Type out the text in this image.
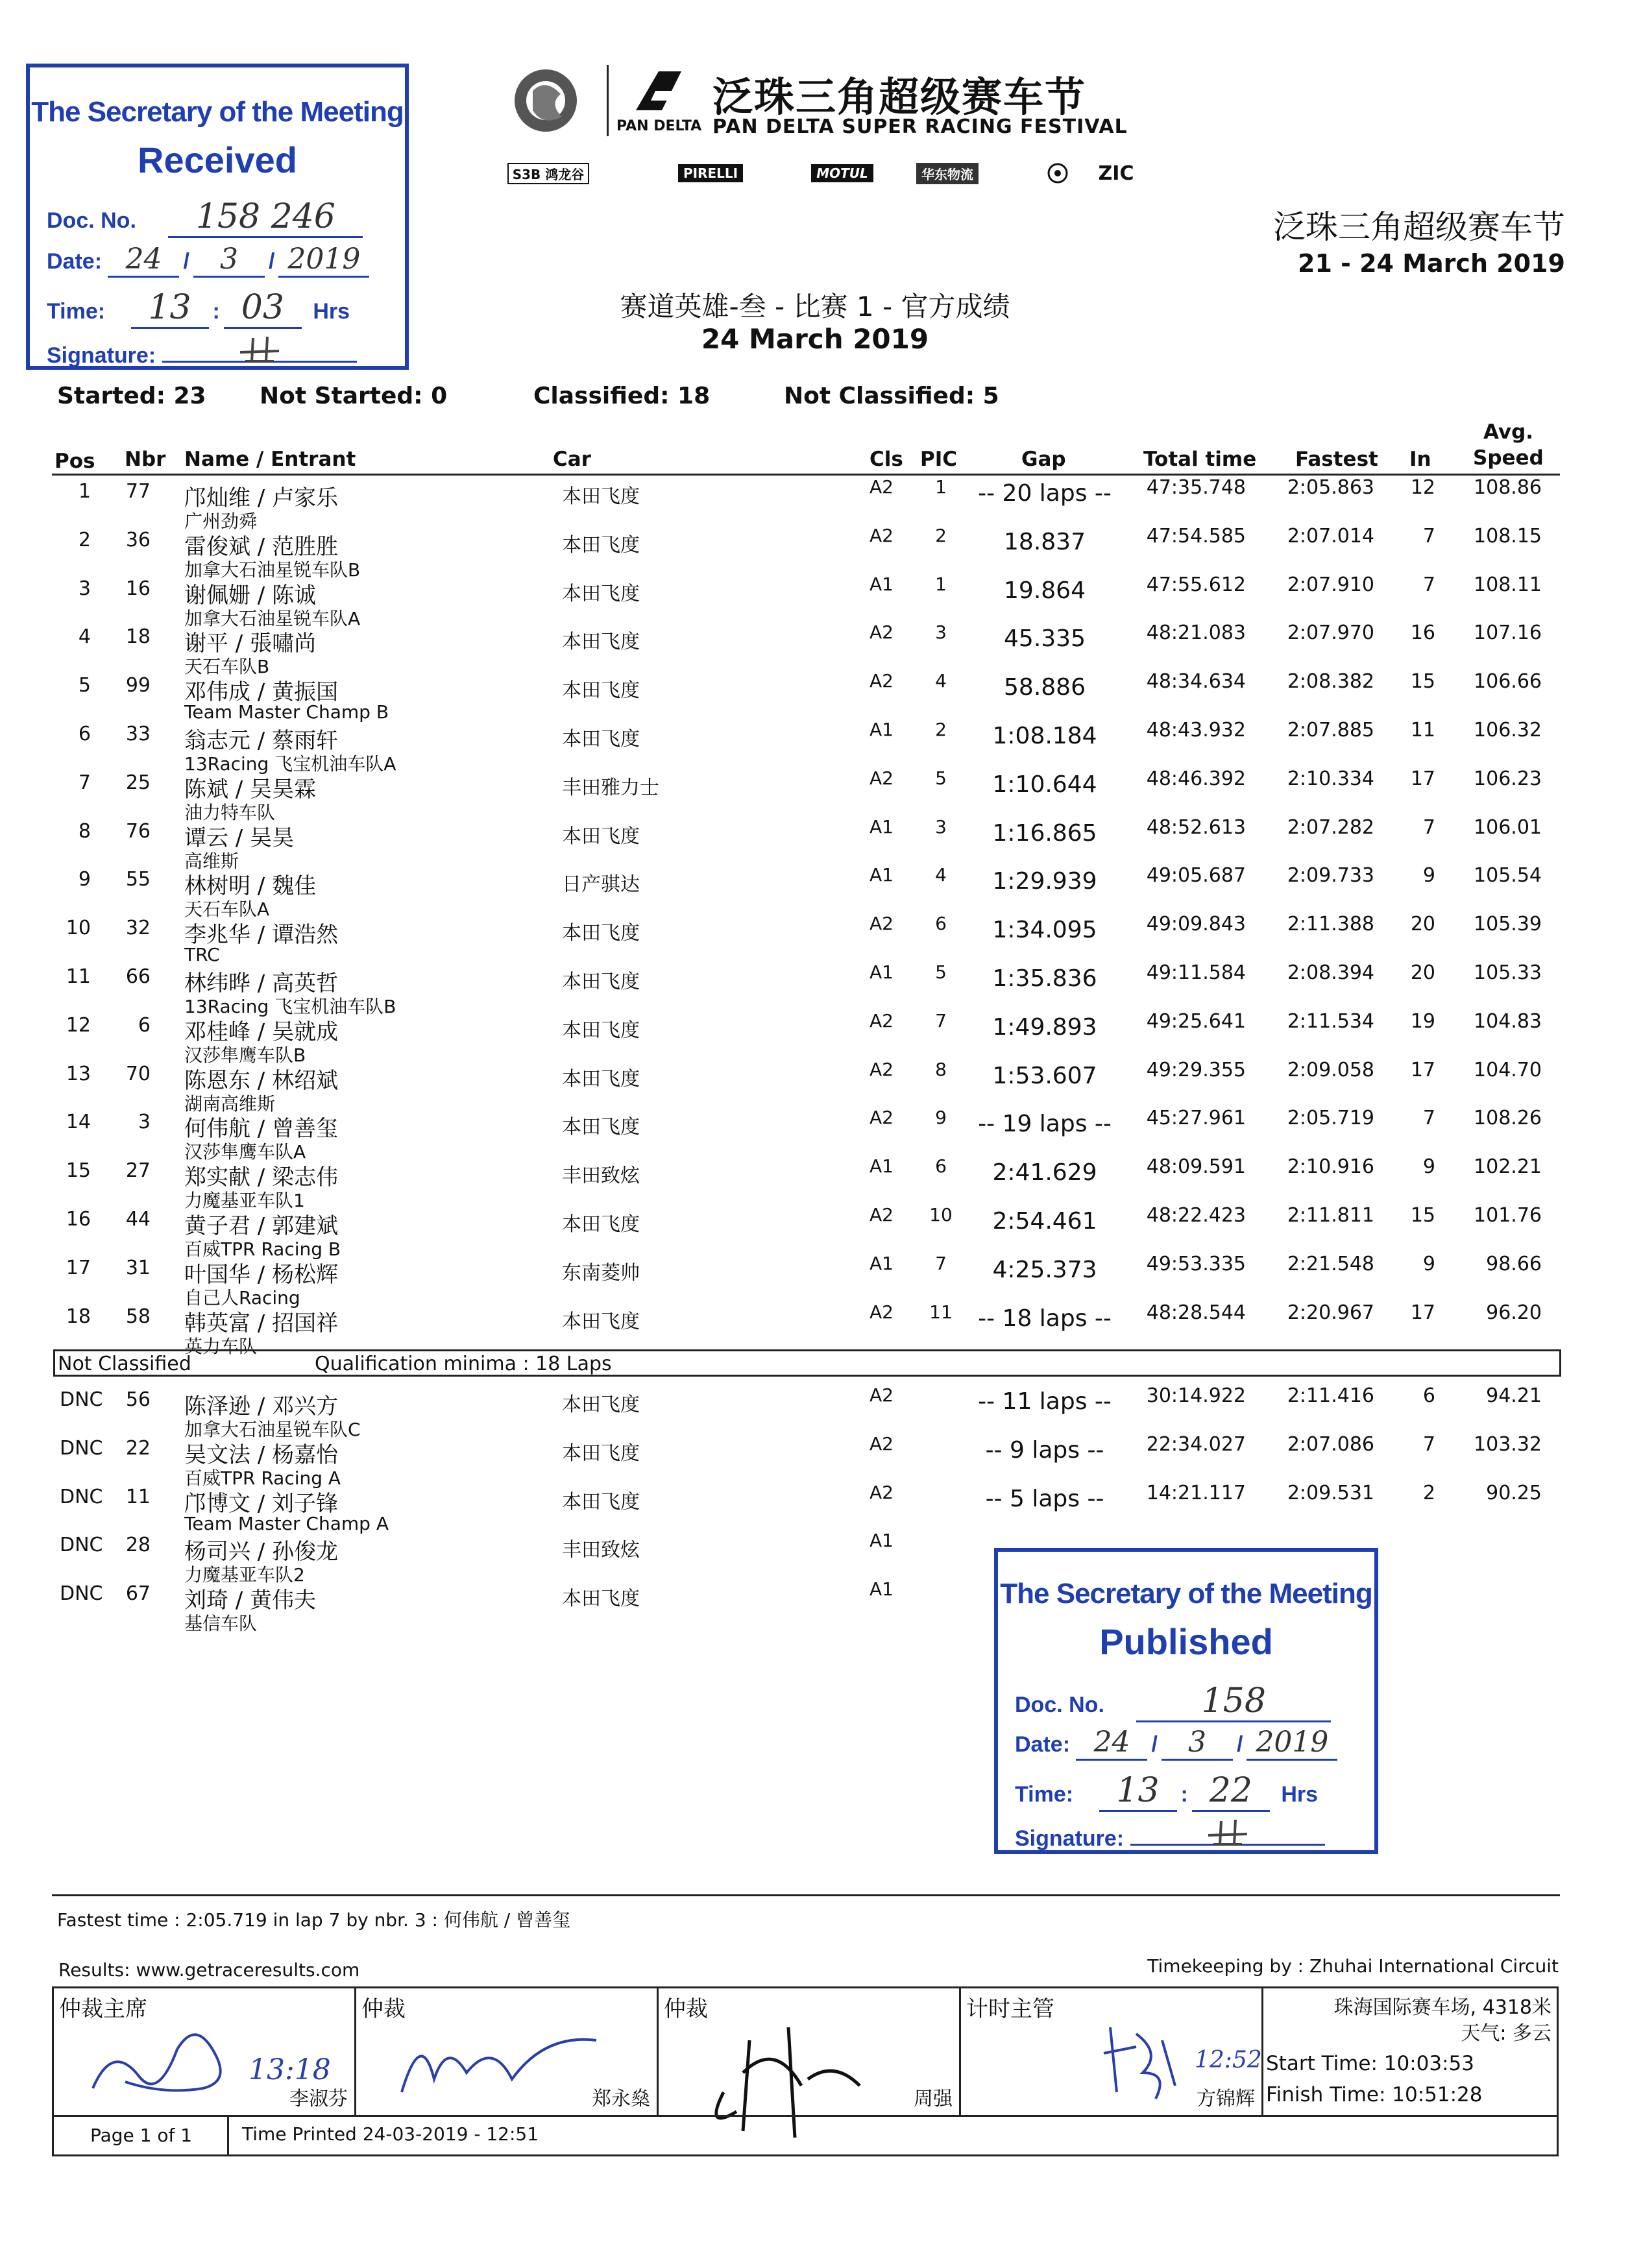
The Secretary of the Meeting
Received
Doc. No. 158 246
Date: 24 / 3 / 2019
Time: 13 : 03 Hrs
Signature:
PAN DELTA
泛珠三角超级赛车节
PAN DELTA SUPER RACING FESTIVAL
S3B 鸿龙谷	PIRELLI	MOTUL	华东物流	ZIC
泛珠三角超级赛车节
21 - 24 March 2019
赛道英雄-叁 - 比赛 1 - 官方成绩
24 March 2019
Started: 23 Not Started: 0	Classified: 18	Not Classified: 5
Pos Nbr Name / Entrant	Car	Cls PIC	Gap	Total time Fastest In
Avg.
Speed
1 77 邝灿维 / 卢家乐	本田飞度	A2	1	-- 20 laps --	47:35.748 2:05.863 12 108.86
广州劲舜
2 36 雷俊斌 / 范胜胜	本田飞度	A2	2	18.837	47:54.585 2:07.014 7 108.15
加拿大石油星锐车队B
3 16 谢佩姗 / 陈诚	本田飞度	A1	1	19.864	47:55.612 2:07.910 7 108.11
加拿大石油星锐车队A
4 18 谢平 / 張嘯尚	本田飞度	A2	3	45.335	48:21.083 2:07.970 16 107.16
天石车队B
5 99 邓伟成 / 黄振国	本田飞度	A2	4	58.886	48:34.634 2:08.382 15 106.66
Team Master Champ B
6 33 翁志元 / 蔡雨轩	本田飞度	A1	2	1:08.184	48:43.932 2:07.885 11 106.32
13Racing 飞宝机油车队A
7 25 陈斌 / 吴昊霖	丰田雅力士	A2	5	1:10.644	48:46.392 2:10.334 17 106.23
油力特车队
8 76 谭云 / 吴昊	本田飞度	A1	3	1:16.865	48:52.613 2:07.282 7 106.01
高维斯
9 55 林树明 / 魏佳	日产骐达	A1	4	1:29.939	49:05.687 2:09.733 9 105.54
天石车队A
10 32 李兆华 / 谭浩然	本田飞度	A2	6	1:34.095	49:09.843 2:11.388 20 105.39
TRC
11 66 林纬晔 / 高英哲	本田飞度	A1	5	1:35.836	49:11.584 2:08.394 20 105.33
13Racing 飞宝机油车队B
12 6 邓桂峰 / 吴就成	本田飞度	A2	7	1:49.893	49:25.641 2:11.534 19 104.83
汉莎隼鹰车队B
13 70 陈恩东 / 林绍斌	本田飞度	A2	8	1:53.607	49:29.355 2:09.058 17 104.70
湖南高维斯
14 3 何伟航 / 曾善玺	本田飞度	A2	9	-- 19 laps --	45:27.961 2:05.719 7 108.26
汉莎隼鹰车队A
15 27 郑实献 / 梁志伟	丰田致炫	A1	6	2:41.629	48:09.591 2:10.916 9 102.21
力魔基亚车队1
16 44 黄子君 / 郭建斌	本田飞度	A2	10	2:54.461	48:22.423 2:11.811 15 101.76
百威TPR Racing B
17 31 叶国华 / 杨松辉	东南菱帅	A1	7	4:25.373	49:53.335 2:21.548 9	98.66
自己人Racing
18 58 韩英富 / 招国祥	本田飞度	A2	11	-- 18 laps --	48:28.544 2:20.967 17	96.20
英力车队
Not Classified	Qualification minima : 18 Laps
DNC 56 陈泽逊 / 邓兴方	本田飞度	A2	-- 11 laps --	30:14.922 2:11.416 6	94.21
加拿大石油星锐车队C
DNC 22 吴文法 / 杨嘉怡	本田飞度	A2	-- 9 laps --	22:34.027 2:07.086 7 103.32
百威TPR Racing A
DNC 11 邝博文 / 刘子锋	本田飞度	A2	-- 5 laps --	14:21.117 2:09.531 2	90.25
Team Master Champ A
DNC 28 杨司兴 / 孙俊龙	丰田致炫	A1
力魔基亚车队2
DNC 67 刘琦 / 黄伟夫	本田飞度	A1
基信车队
The Secretary of the Meeting
Published
Doc. No.	158
Date: 24 / 3 / 2019
Time: 13 : 22 Hrs
Signature:
Fastest time : 2:05.719 in lap 7 by nbr. 3 : 何伟航 / 曾善玺
Results: www.getraceresults.com	Timekeeping by : Zhuhai International Circuit
仲裁主席
13:18
李淑芬
仲裁
郑永燊
仲裁
周强
计时主管
12:52
方锦辉
珠海国际赛车场, 4318米
天气: 多云
Start Time: 10:03:53
Finish Time: 10:51:28
Page 1 of 1	Time Printed 24-03-2019 - 12:51
